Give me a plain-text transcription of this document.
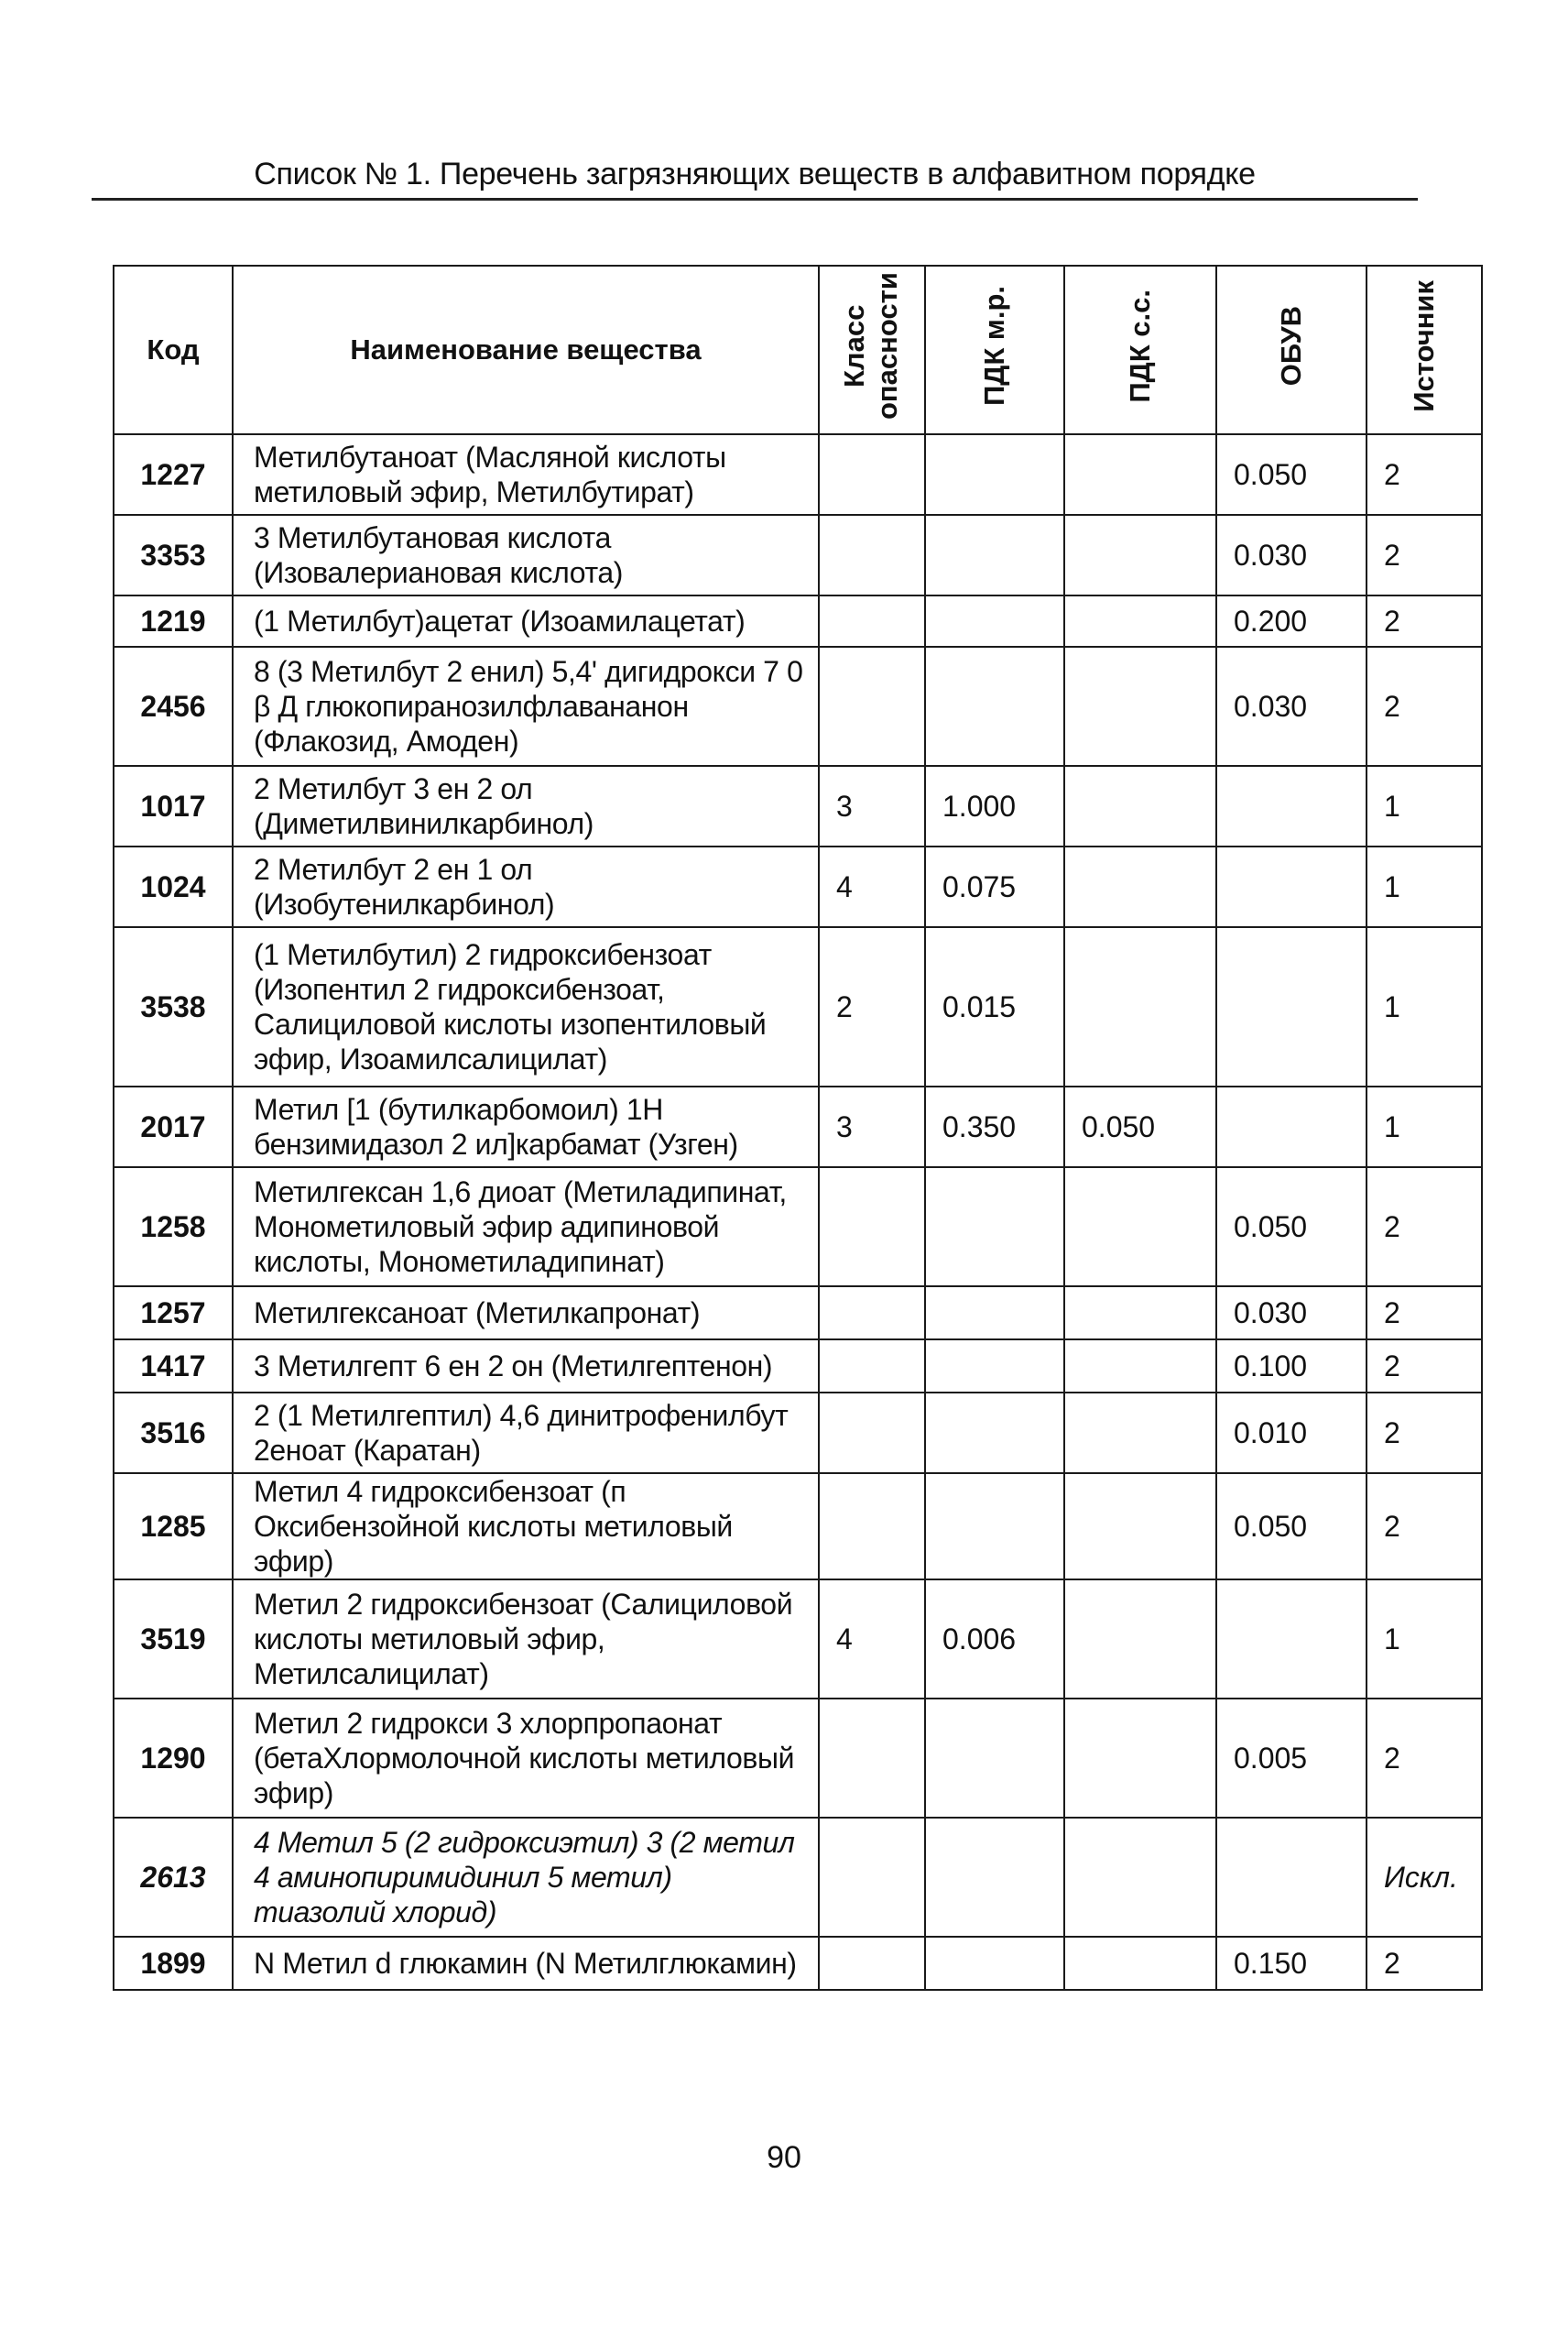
Список № 1. Перечень загрязняющих веществ в алфавитном порядке
Код	Наименование вещества	Класс опасности	ПДК м.р.	ПДК с.с.	ОБУВ	Источник
1227	Метилбутаноат (Масляной кислоты метиловый эфир, Метилбутират)				0.050	2
3353	3 Метилбутановая кислота (Изовалериановая кислота)				0.030	2
1219	(1 Метилбут)ацетат (Изоамилацетат)				0.200	2
2456	8 (3 Метилбут 2 енил) 5,4' дигидрокси 7 0 β Д глюкопиранозилфлаванaнон (Флакозид, Амоден)				0.030	2
1017	2 Метилбут 3 ен 2 ол (Диметилвинилкарбинол)	3	1.000			1
1024	2 Метилбут 2 ен 1 ол (Изобутенилкарбинол)	4	0.075			1
3538	(1 Метилбутил) 2 гидроксибензоат (Изопентил 2 гидроксибензоат, Салициловой кислоты изопентиловый эфир, Изоамилсалицилат)	2	0.015			1
2017	Метил [1 (бутилкарбомоил) 1Н бензимидазол 2 ил]карбамат (Узген)	3	0.350	0.050		1
1258	Метилгексан 1,6 диоат (Метиладипинат, Монометиловый эфир адипиновой кислоты, Монометиладипинат)				0.050	2
1257	Метилгексаноат (Метилкапронат)				0.030	2
1417	3 Метилгепт 6 ен 2 он (Метилгептенон)				0.100	2
3516	2 (1 Метилгептил) 4,6 динитрофенилбут 2еноат (Каратан)				0.010	2
1285	Метил 4 гидроксибензоат (п Оксибензойной кислоты метиловый эфир)				0.050	2
3519	Метил 2 гидроксибензоат (Салициловой кислоты метиловый эфир, Метилсалицилат)	4	0.006			1
1290	Метил 2 гидрокси 3 хлорпропаонат (бетаХлормолочной кислоты метиловый эфир)				0.005	2
2613	4 Метил 5 (2 гидроксиэтил) 3 (2 метил 4 аминопиримидинил 5 метил) тиазолий хлорид)					Искл.
1899	N Метил d глюкамин (N Метилглюкамин)				0.150	2
90
